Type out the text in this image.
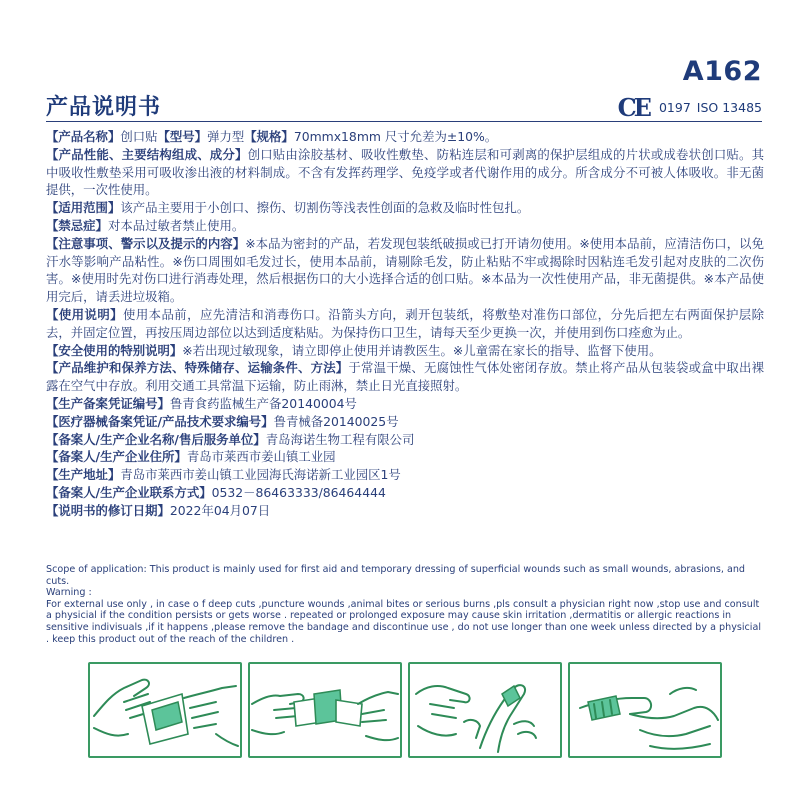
A162
产品说明书	CE 0197 ISO 13485

【产品名称】创口贴【型号】弹力型【规格】70mmx18mm 尺寸允差为±10%。

【产品性能、主要结构组成、成分】创口贴由涂胶基材、吸收性敷垫、防粘连层和可剥离的保护层组成的片状或成卷状创口贴。其中吸收性敷垫采用可吸收渗出液的材料制成。不含有发挥药理学、免疫学或者代谢作用的成分。所含成分不可被人体吸收。非无菌提供，一次性使用。

【适用范围】该产品主要用于小创口、擦伤、切割伤等浅表性创面的急救及临时性包扎。

【禁忌症】对本品过敏者禁止使用。

【注意事项、警示以及提示的内容】※本品为密封的产品，若发现包装纸破损或已打开请勿使用。※使用本品前，应清洁伤口，以免汗水等影响产品粘性。※伤口周围如毛发过长，使用本品前，请剔除毛发，防止粘贴不牢或揭除时因粘连毛发引起对皮肤的二次伤害。※使用时先对伤口进行消毒处理，然后根据伤口的大小选择合适的创口贴。※本品为一次性使用产品，非无菌提供。※本产品使用完后，请丢进垃圾箱。

【使用说明】使用本品前，应先清洁和消毒伤口。沿箭头方向，剥开包装纸，将敷垫对准伤口部位，分先后把左右两面保护层除去，并固定位置，再按压周边部位以达到适度粘贴。为保持伤口卫生，请每天至少更换一次，并使用到伤口痊愈为止。

【安全使用的特别说明】※若出现过敏现象，请立即停止使用并请教医生。※儿童需在家长的指导、监督下使用。

【产品维护和保养方法、特殊储存、运输条件、方法】于常温干燥、无腐蚀性气体处密闭存放。禁止将产品从包装袋或盒中取出裸露在空气中存放。利用交通工具常温下运输，防止雨淋，禁止日光直接照射。

【生产备案凭证编号】鲁青食药监械生产备20140004号

【医疗器械备案凭证/产品技术要求编号】鲁青械备20140025号

【备案人/生产企业名称/售后服务单位】青岛海诺生物工程有限公司

【备案人/生产企业住所】青岛市莱西市姜山镇工业园

【生产地址】青岛市莱西市姜山镇工业园海氏海诺新工业园区1号

【备案人/生产企业联系方式】0532－86463333/86464444

【说明书的修订日期】2022年04月07日

Scope of application: This product is mainly used for first aid and temporary dressing of superficial wounds such as small wounds, abrasions, and cuts.

Warning :

For external use only , in case o f deep cuts ,puncture wounds ,animal bites or serious burns ,pls consult a physician right now ,stop use and consult a physicial if the condition persists or gets worse . repeated or prolonged exposure may cause skin irritation ,dermatitis or allergic reactions in sensitive indivisuals ,if it happens ,please remove the bandage and discontinue use , do not use longer than one week unless directed by a physicial . keep this product out of the reach of the children .
